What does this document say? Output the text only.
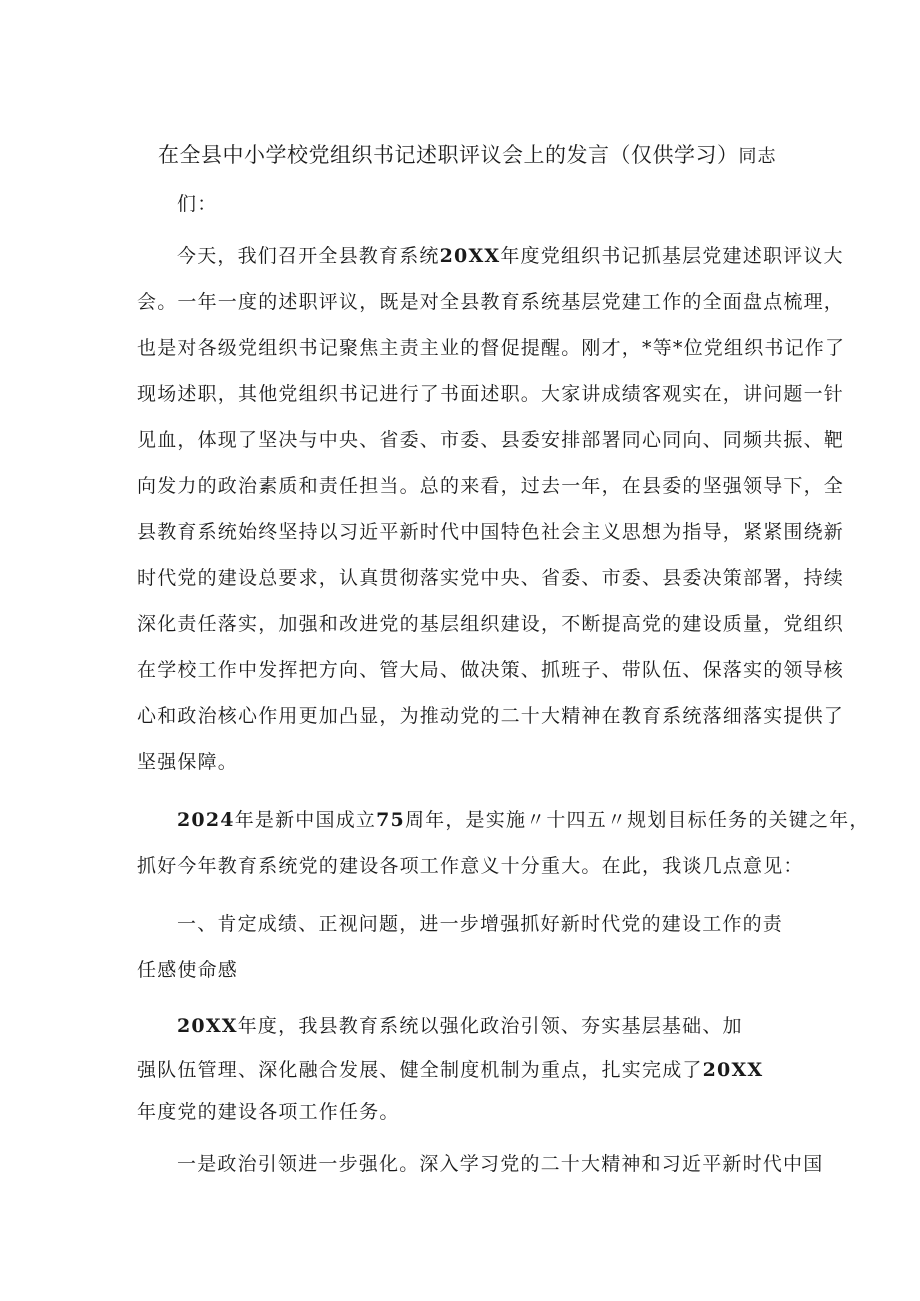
在全县中小学校党组织书记述职评议会上的发言（仅供学习）同志
们：
今天，我们召开全县教育系统20XX年度党组织书记抓基层党建述职评议大
会。一年一度的述职评议，既是对全县教育系统基层党建工作的全面盘点梳理，
也是对各级党组织书记聚焦主责主业的督促提醒。刚才，*等*位党组织书记作了
现场述职，其他党组织书记进行了书面述职。大家讲成绩客观实在，讲问题一针
见血，体现了坚决与中央、省委、市委、县委安排部署同心同向、同频共振、靶
向发力的政治素质和责任担当。总的来看，过去一年，在县委的坚强领导下，全
县教育系统始终坚持以习近平新时代中国特色社会主义思想为指导，紧紧围绕新
时代党的建设总要求，认真贯彻落实党中央、省委、市委、县委决策部署，持续
深化责任落实，加强和改进党的基层组织建设，不断提高党的建设质量，党组织
在学校工作中发挥把方向、管大局、做决策、抓班子、带队伍、保落实的领导核
心和政治核心作用更加凸显，为推动党的二十大精神在教育系统落细落实提供了
坚强保障。
2024年是新中国成立75周年，是实施〃十四五〃规划目标任务的关键之年，
抓好今年教育系统党的建设各项工作意义十分重大。在此，我谈几点意见：
一、肯定成绩、正视问题，进一步增强抓好新时代党的建设工作的责
任感使命感
20XX年度，我县教育系统以强化政治引领、夯实基层基础、加
强队伍管理、深化融合发展、健全制度机制为重点，扎实完成了20XX
年度党的建设各项工作任务。
一是政治引领进一步强化。深入学习党的二十大精神和习近平新时代中国
